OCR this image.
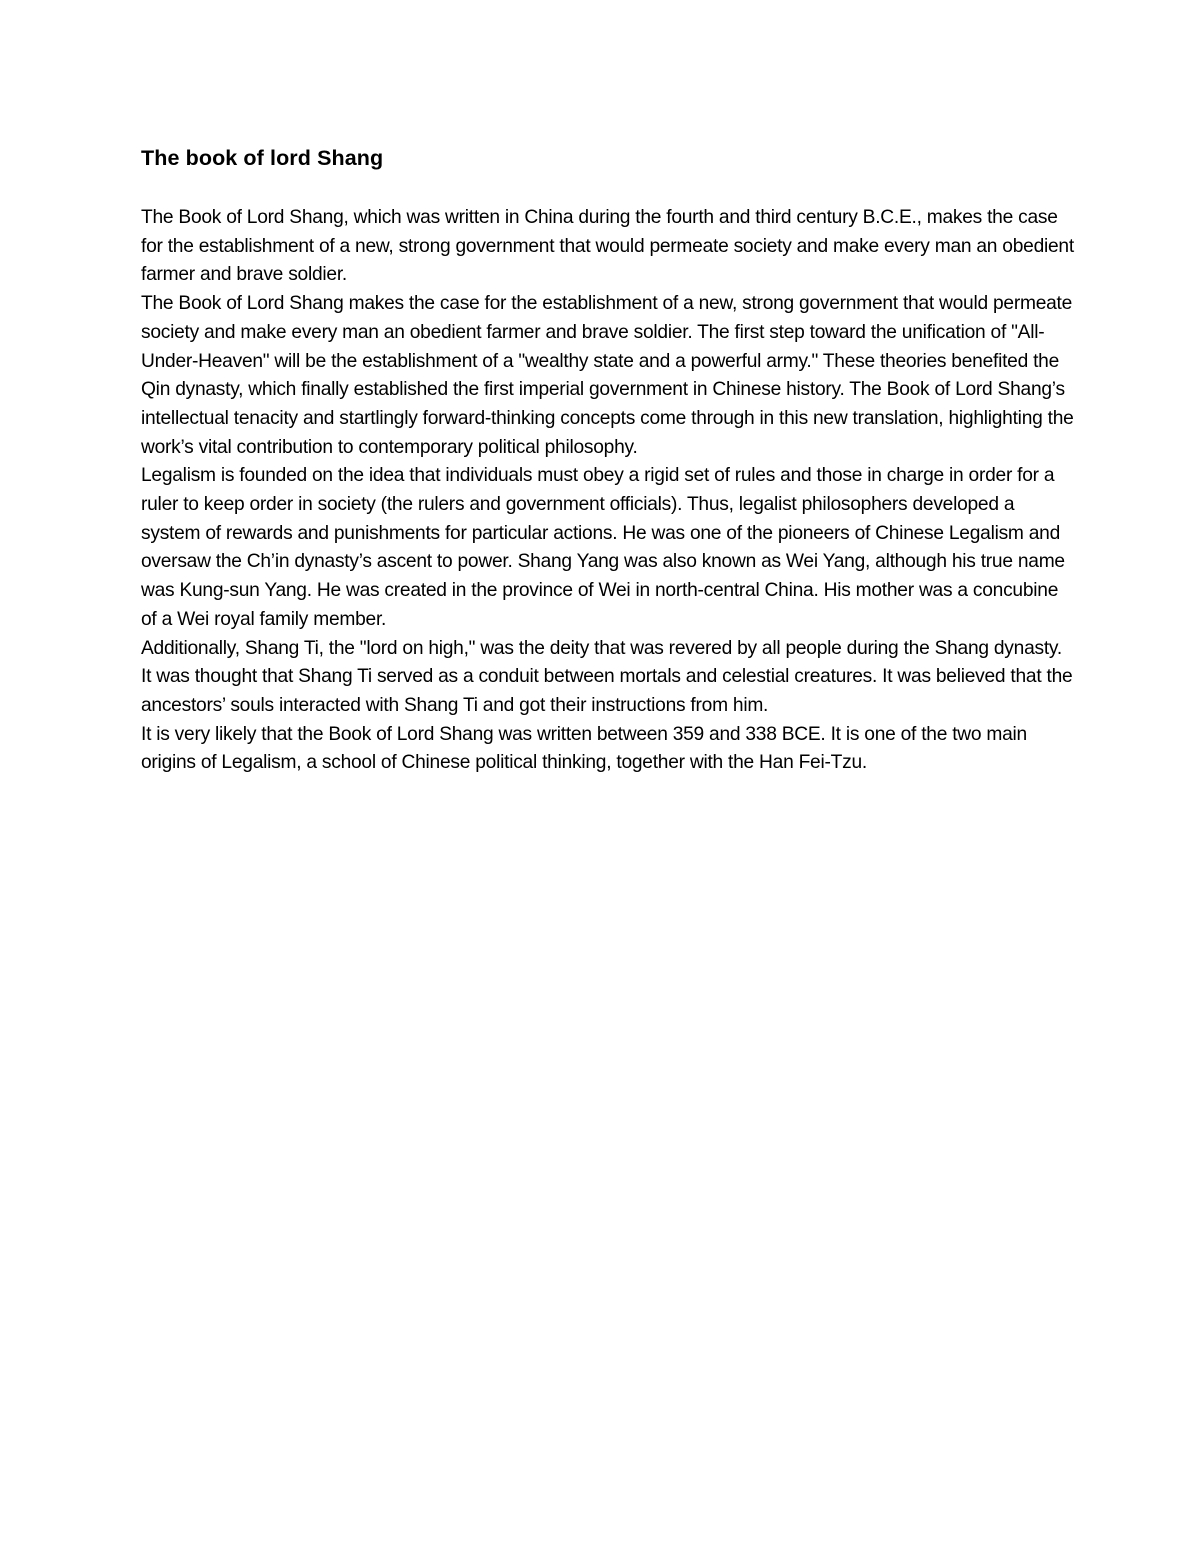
The book of lord Shang

The Book of Lord Shang, which was written in China during the fourth and third century B.C.E., makes the case for the establishment of a new, strong government that would permeate society and make every man an obedient farmer and brave soldier.

The Book of Lord Shang makes the case for the establishment of a new, strong government that would permeate society and make every man an obedient farmer and brave soldier. The first step toward the unification of "All-Under-Heaven" will be the establishment of a "wealthy state and a powerful army." These theories benefited the Qin dynasty, which finally established the first imperial government in Chinese history. The Book of Lord Shang’s intellectual tenacity and startlingly forward-thinking concepts come through in this new translation, highlighting the work’s vital contribution to contemporary political philosophy.

Legalism is founded on the idea that individuals must obey a rigid set of rules and those in charge in order for a ruler to keep order in society (the rulers and government officials). Thus, legalist philosophers developed a system of rewards and punishments for particular actions. He was one of the pioneers of Chinese Legalism and oversaw the Ch’in dynasty’s ascent to power. Shang Yang was also known as Wei Yang, although his true name was Kung-sun Yang. He was created in the province of Wei in north-central China. His mother was a concubine of a Wei royal family member.

Additionally, Shang Ti, the "lord on high," was the deity that was revered by all people during the Shang dynasty. It was thought that Shang Ti served as a conduit between mortals and celestial creatures. It was believed that the ancestors’ souls interacted with Shang Ti and got their instructions from him.

It is very likely that the Book of Lord Shang was written between 359 and 338 BCE. It is one of the two main origins of Legalism, a school of Chinese political thinking, together with the Han Fei-Tzu.
